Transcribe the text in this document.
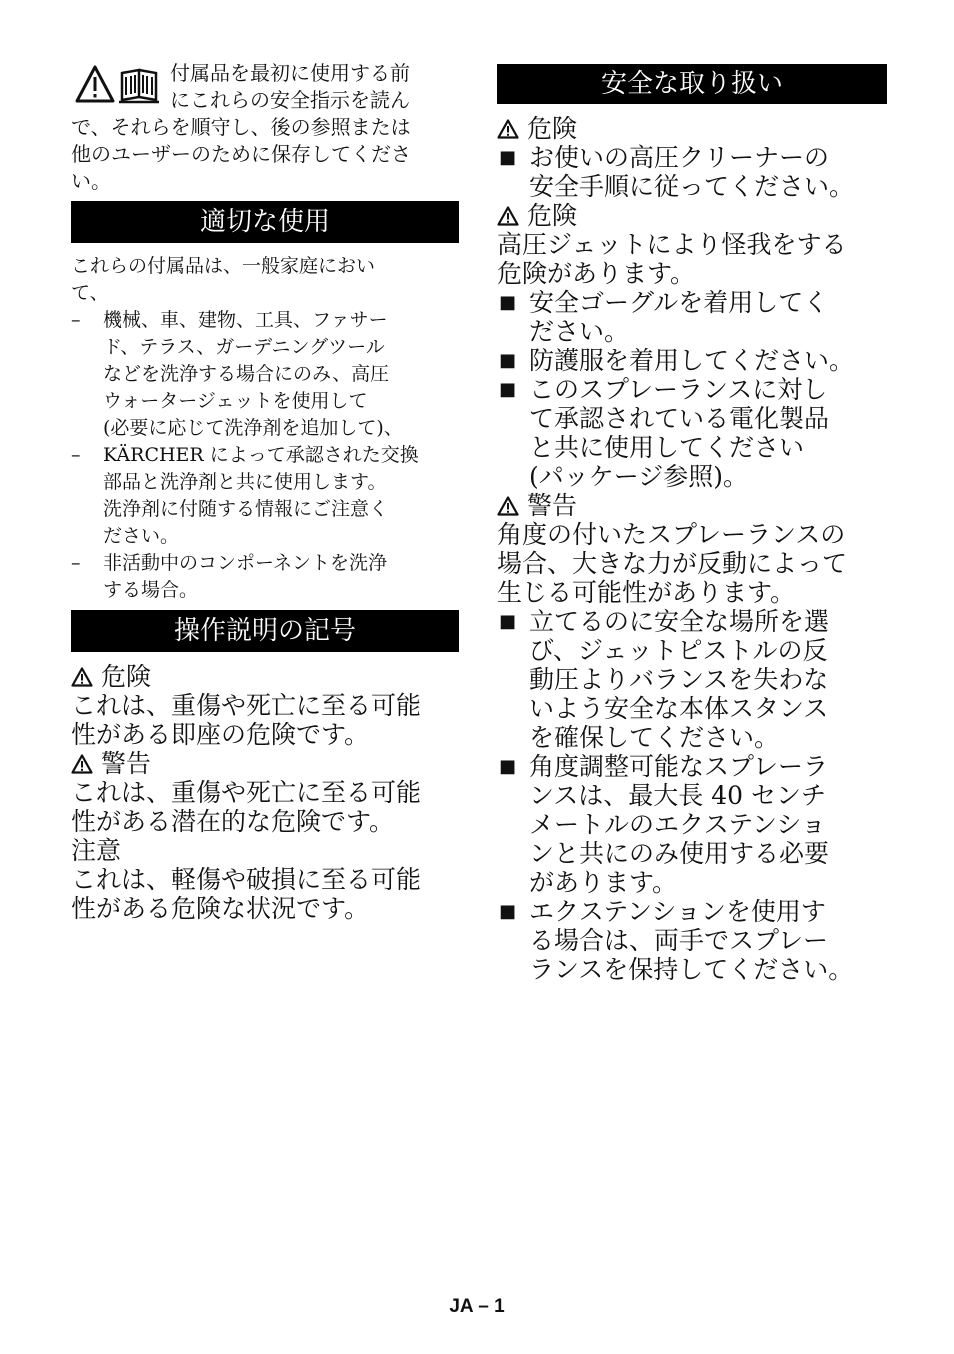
付属品を最初に使用する前
にこれらの安全指示を読ん
で、それらを順守し、後の参照または
他のユーザーのために保存してくださ
い。
適切な使用
これらの付属品は、一般家庭におい
て、
– 機械、車、建物、工具、ファサー
ド、テラス、ガーデニングツール
などを洗浄する場合にのみ、高圧
ウォータージェットを使用して
(必要に応じて洗浄剤を追加して)、
– KÄRCHER によって承認された交換
部品と洗浄剤と共に使用します。
洗浄剤に付随する情報にご注意く
ださい。
– 非活動中のコンポーネントを洗浄
する場合。
操作説明の記号
危険
これは、重傷や死亡に至る可能
性がある即座の危険です。
警告
これは、重傷や死亡に至る可能
性がある潜在的な危険です。
注意
これは、軽傷や破損に至る可能
性がある危険な状況です。
安全な取り扱い
危険
■ お使いの高圧クリーナーの
安全手順に従ってください。
危険
高圧ジェットにより怪我をする
危険があります。
■ 安全ゴーグルを着用してく
ださい。
■ 防護服を着用してください。
■ このスプレーランスに対し
て承認されている電化製品
と共に使用してください
(パッケージ参照)。
警告
角度の付いたスプレーランスの
場合、大きな力が反動によって
生じる可能性があります。
■ 立てるのに安全な場所を選
び、ジェットピストルの反
動圧よりバランスを失わな
いよう安全な本体スタンス
を確保してください。
■ 角度調整可能なスプレーラ
ンスは、最大長 40 センチ
メートルのエクステンショ
ンと共にのみ使用する必要
があります。
■ エクステンションを使用す
る場合は、両手でスプレー
ランスを保持してください。
JA – 1
